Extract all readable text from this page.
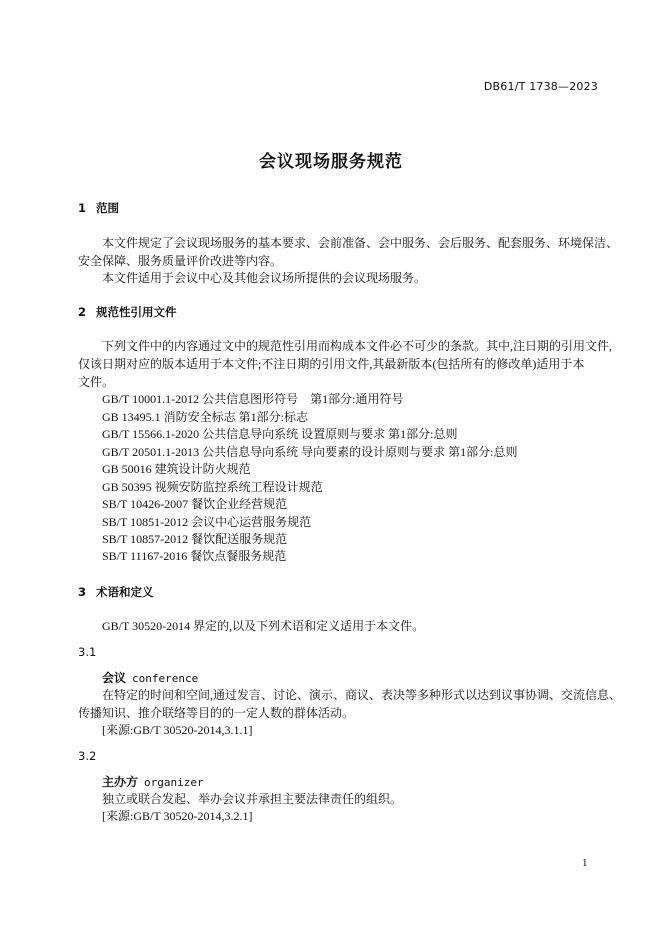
DB61/T 1738—2023
会议现场服务规范
1 范围
本文件规定了会议现场服务的基本要求、会前准备、会中服务、会后服务、配套服务、环境保洁、
安全保障、服务质量评价改进等内容。
本文件适用于会议中心及其他会议场所提供的会议现场服务。
2 规范性引用文件
下列文件中的内容通过文中的规范性引用而构成本文件必不可少的条款。其中,注日期的引用文件,
仅该日期对应的版本适用于本文件;不注日期的引用文件,其最新版本(包括所有的修改单)适用于本
文件。
GB/T 10001.1-2012 公共信息图形符号　第1部分:通用符号
GB 13495.1 消防安全标志 第1部分:标志
GB/T 15566.1-2020 公共信息导向系统 设置原则与要求 第1部分:总则
GB/T 20501.1-2013 公共信息导向系统 导向要素的设计原则与要求 第1部分:总则
GB 50016 建筑设计防火规范
GB 50395 视频安防监控系统工程设计规范
SB/T 10426-2007 餐饮企业经营规范
SB/T 10851-2012 会议中心运营服务规范
SB/T 10857-2012 餐饮配送服务规范
SB/T 11167-2016 餐饮点餐服务规范
3 术语和定义
GB/T 30520-2014 界定的,以及下列术语和定义适用于本文件。
3.1
会议 conference
在特定的时间和空间,通过发言、讨论、演示、商议、表决等多种形式以达到议事协调、交流信息、
传播知识、推介联络等目的的一定人数的群体活动。
[来源:GB/T 30520-2014,3.1.1]
3.2
主办方 organizer
独立或联合发起、举办会议并承担主要法律责任的组织。
[来源:GB/T 30520-2014,3.2.1]
1
